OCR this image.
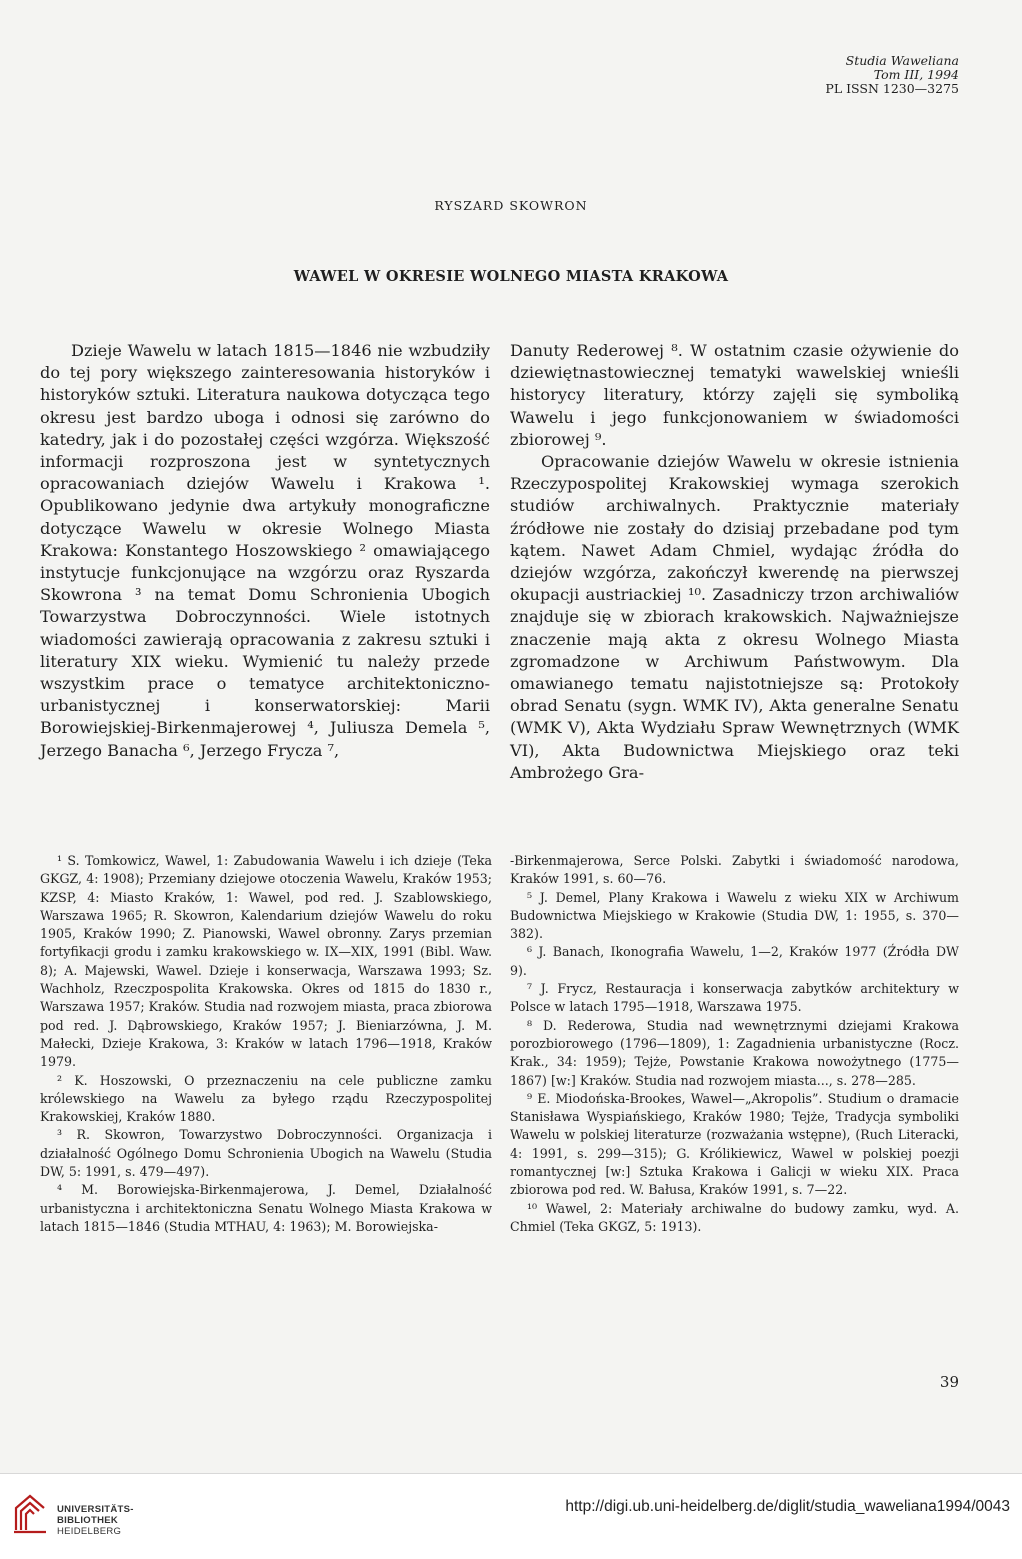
Studia Waweliana
Tom III, 1994
PL ISSN 1230—3275
RYSZARD SKOWRON
WAWEL W OKRESIE WOLNEGO MIASTA KRAKOWA

Dzieje Wawelu w latach 1815—1846 nie wzbudziły do tej pory większego zainteresowania historyków i historyków sztuki. Literatura naukowa dotycząca tego okresu jest bardzo uboga i odnosi się zarówno do katedry, jak i do pozostałej części wzgórza. Większość informacji rozproszona jest w syntetycznych opracowaniach dziejów Wawelu i Krakowa ¹. Opublikowano jedynie dwa artykuły monograficzne dotyczące Wawelu w okresie Wolnego Miasta Krakowa: Konstantego Hoszowskiego ² omawiającego instytucje funkcjonujące na wzgórzu oraz Ryszarda Skowrona ³ na temat Domu Schronienia Ubogich Towarzystwa Dobroczynności. Wiele istotnych wiadomości zawierają opracowania z zakresu sztuki i literatury XIX wieku. Wymienić tu należy przede wszystkim prace o tematyce architektoniczno-urbanistycznej i konserwatorskiej: Marii Borowiejskiej-Birkenmajerowej ⁴, Juliusza Demela ⁵, Jerzego Banacha ⁶, Jerzego Frycza ⁷,

Danuty Rederowej ⁸. W ostatnim czasie ożywienie do dziewiętnastowiecznej tematyki wawelskiej wnieśli historycy literatury, którzy zajęli się symboliką Wawelu i jego funkcjonowaniem w świadomości zbiorowej ⁹.

Opracowanie dziejów Wawelu w okresie istnienia Rzeczypospolitej Krakowskiej wymaga szerokich studiów archiwalnych. Praktycznie materiały źródłowe nie zostały do dzisiaj przebadane pod tym kątem. Nawet Adam Chmiel, wydając źródła do dziejów wzgórza, zakończył kwerendę na pierwszej okupacji austriackiej ¹⁰. Zasadniczy trzon archiwaliów znajduje się w zbiorach krakowskich. Najważniejsze znaczenie mają akta z okresu Wolnego Miasta zgromadzone w Archiwum Państwowym. Dla omawianego tematu najistotniejsze są: Protokoły obrad Senatu (sygn. WMK IV), Akta generalne Senatu (WMK V), Akta Wydziału Spraw Wewnętrznych (WMK VI), Akta Budownictwa Miejskiego oraz teki Ambrożego Gra-

¹ S. Tomkowicz, Wawel, 1: Zabudowania Wawelu i ich dzieje (Teka GKGZ, 4: 1908); Przemiany dziejowe otoczenia Wawelu, Kraków 1953; KZSP, 4: Miasto Kraków, 1: Wawel, pod red. J. Szablowskiego, Warszawa 1965; R. Skowron, Kalendarium dziejów Wawelu do roku 1905, Kraków 1990; Z. Pianowski, Wawel obronny. Zarys przemian fortyfikacji grodu i zamku krakowskiego w. IX—XIX, 1991 (Bibl. Waw. 8); A. Majewski, Wawel. Dzieje i konserwacja, Warszawa 1993; Sz. Wachholz, Rzeczpospolita Krakowska. Okres od 1815 do 1830 r., Warszawa 1957; Kraków. Studia nad rozwojem miasta, praca zbiorowa pod red. J. Dąbrowskiego, Kraków 1957; J. Bieniarzówna, J. M. Małecki, Dzieje Krakowa, 3: Kraków w latach 1796—1918, Kraków 1979.

² K. Hoszowski, O przeznaczeniu na cele publiczne zamku królewskiego na Wawelu za byłego rządu Rzeczypospolitej Krakowskiej, Kraków 1880.

³ R. Skowron, Towarzystwo Dobroczynności. Organizacja i działalność Ogólnego Domu Schronienia Ubogich na Wawelu (Studia DW, 5: 1991, s. 479—497).

⁴ M. Borowiejska-Birkenmajerowa, J. Demel, Działalność urbanistyczna i architektoniczna Senatu Wolnego Miasta Krakowa w latach 1815—1846 (Studia MTHAU, 4: 1963); M. Borowiejska-

-Birkenmajerowa, Serce Polski. Zabytki i świadomość narodowa, Kraków 1991, s. 60—76.

⁵ J. Demel, Plany Krakowa i Wawelu z wieku XIX w Archiwum Budownictwa Miejskiego w Krakowie (Studia DW, 1: 1955, s. 370—382).

⁶ J. Banach, Ikonografia Wawelu, 1—2, Kraków 1977 (Źródła DW 9).

⁷ J. Frycz, Restauracja i konserwacja zabytków architektury w Polsce w latach 1795—1918, Warszawa 1975.

⁸ D. Rederowa, Studia nad wewnętrznymi dziejami Krakowa porozbiorowego (1796—1809), 1: Zagadnienia urbanistyczne (Rocz. Krak., 34: 1959); Tejże, Powstanie Krakowa nowożytnego (1775—1867) [w:] Kraków. Studia nad rozwojem miasta..., s. 278—285.

⁹ E. Miodońska-Brookes, Wawel—„Akropolis”. Studium o dramacie Stanisława Wyspiańskiego, Kraków 1980; Tejże, Tradycja symboliki Wawelu w polskiej literaturze (rozważania wstępne), (Ruch Literacki, 4: 1991, s. 299—315); G. Królikiewicz, Wawel w polskiej poezji romantycznej [w:] Sztuka Krakowa i Galicji w wieku XIX. Praca zbiorowa pod red. W. Bałusa, Kraków 1991, s. 7—22.

¹⁰ Wawel, 2: Materiały archiwalne do budowy zamku, wyd. A. Chmiel (Teka GKGZ, 5: 1913).

39
UNIVERSITÄTS-
BIBLIOTHEK
HEIDELBERG
http://digi.ub.uni-heidelberg.de/diglit/studia_waweliana1994/0043
